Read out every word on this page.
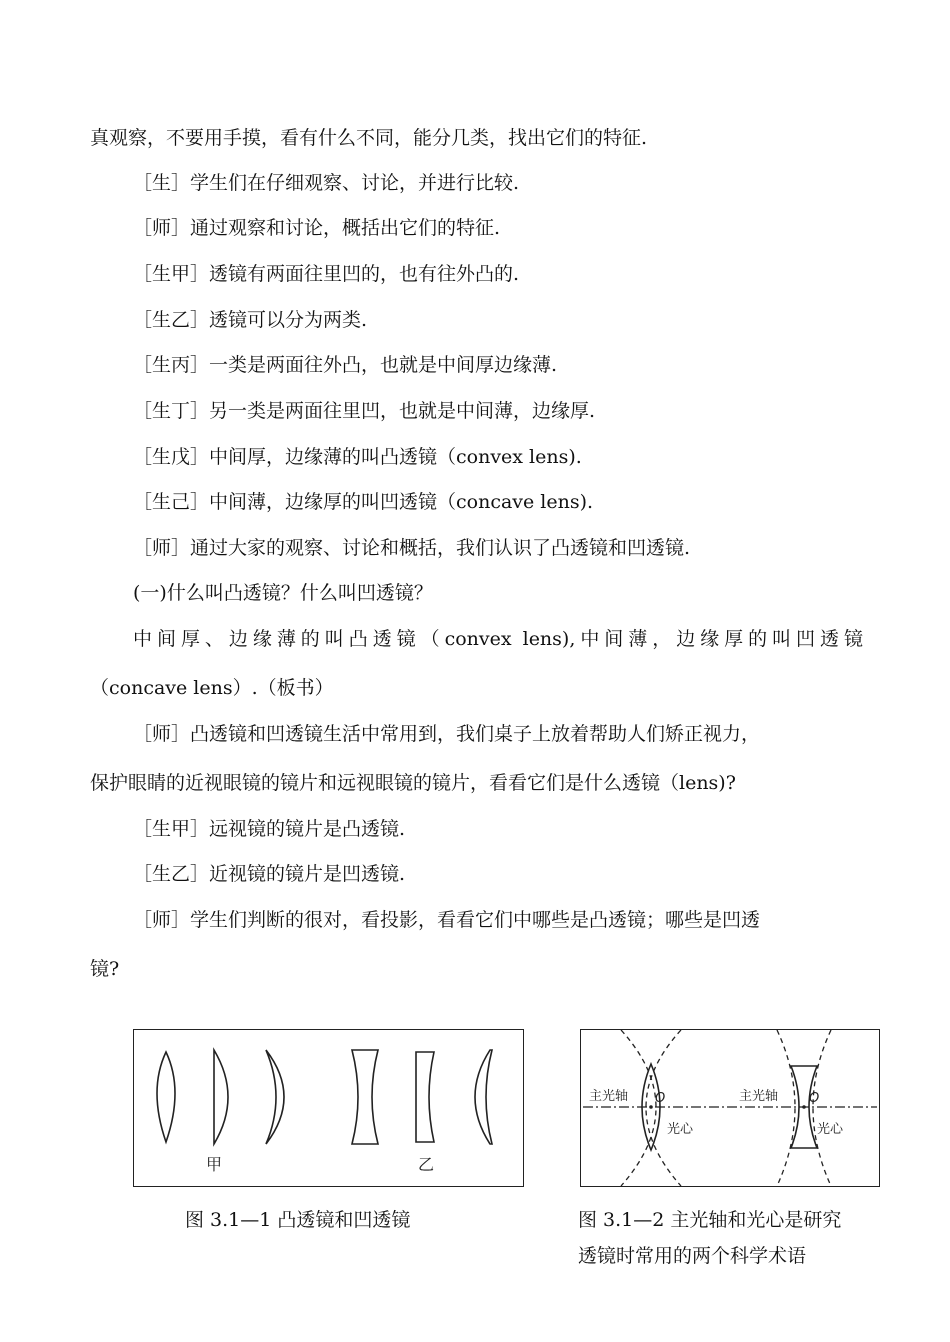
真观察，不要用手摸，看有什么不同，能分几类，找出它们的特征.
［生］学生们在仔细观察、讨论，并进行比较.
［师］通过观察和讨论，概括出它们的特征.
［生甲］透镜有两面往里凹的，也有往外凸的.
［生乙］透镜可以分为两类.
［生丙］一类是两面往外凸，也就是中间厚边缘薄.
［生丁］另一类是两面往里凹，也就是中间薄，边缘厚.
［生戊］中间厚，边缘薄的叫凸透镜（convex lens).
［生己］中间薄，边缘厚的叫凹透镜（concave lens).
［师］通过大家的观察、讨论和概括，我们认识了凸透镜和凹透镜.
(一)什么叫凸透镜？什么叫凹透镜？
中间厚、边缘薄的叫凸透镜（convex lens),中间薄，边缘厚的叫凹透镜
（concave lens）.（板书）
［师］凸透镜和凹透镜生活中常用到，我们桌子上放着帮助人们矫正视力，
保护眼睛的近视眼镜的镜片和远视眼镜的镜片，看看它们是什么透镜（lens)?
［生甲］远视镜的镜片是凸透镜.
［生乙］近视镜的镜片是凹透镜.
［师］学生们判断的很对，看投影，看看它们中哪些是凸透镜；哪些是凹透
镜?
甲	乙
图 3.1—1 凸透镜和凹透镜
主光轴 O
光心
主光轴 O
光心
图 3.1—2 主光轴和光心是研究
透镜时常用的两个科学术语
